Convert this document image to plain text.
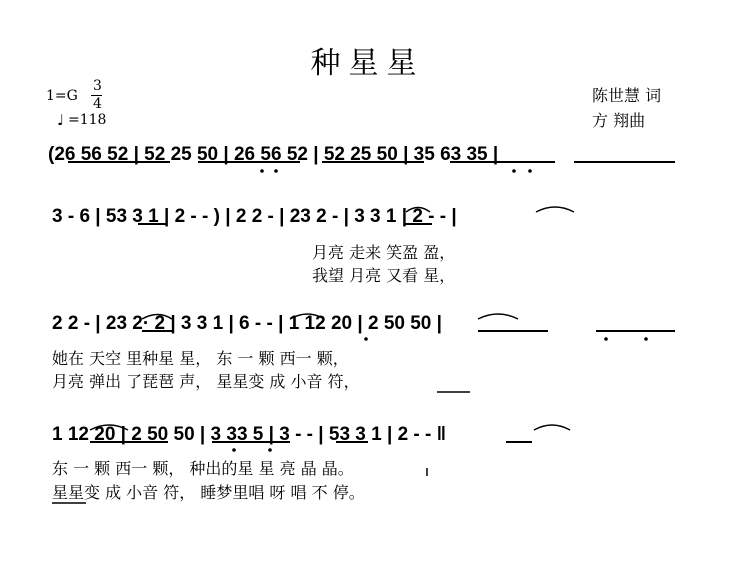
种星星
1=G
3
4
♩ =118
陈世慧 词
方 翔曲
(26 56 52 | 52 25 50 | 26 56 52 | 52 25 50 | 35 63 35 |
3 - 6 | 53 3 1 | 2 - - ) | 2 2 - | 23 2 - | 3 3 1 | 2 - - |
2 2 - | 23 2· 2 | 3 3 1 | 6 - - | 1 12 20 | 2 50 50 |
1 12 20 | 2 50 50 | 3 33 5 | 3 - - | 53 3 1 | 2 - - ‖
月亮 走来 笑盈 盈，
我望 月亮 又看 星，
她在 天空 里种星 星， 东 一 颗 西一 颗，
月亮 弹出 了琵琶 声， 星星变 成 小音 符，
东 一 颗 西一 颗， 种出的星 星 亮 晶 晶。
星星变 成 小音 符， 睡梦里唱 呀 唱 不 停。
